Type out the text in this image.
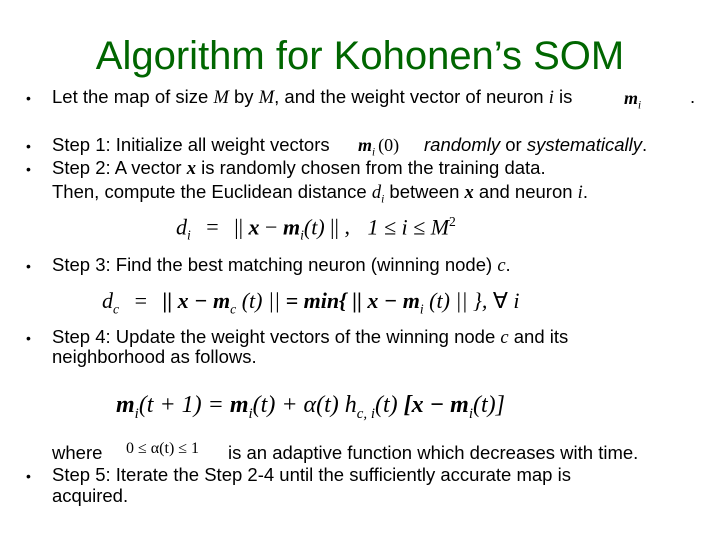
Algorithm for Kohonen’s SOM
• Let the map of size M by M, and the weight vector of neuron i is	$m_i$	.
• Step 1: Initialize all weight vectors $m_i$ (0) randomly or systematically.
• Step 2: A vector x is randomly chosen from the training data.
Then, compute the Euclidean distance $d_i$ between x and neuron i.
$d_i$ = || $x - m_i(t)$ || , $1 \le i \le M^2$
• Step 3: Find the best matching neuron (winning node) c.
$d_c$ = || $x - m_c$ (t) || = min{ || $x - m_i$ (t) || }, ∀ i
• Step 4: Update the weight vectors of the winning node c and its
neighborhood as follows.
$m_i(t + 1) = m_i(t) + \alpha(t)$ $h_{c, i}(t) [x - m_i(t)]$
where 0 ≤ α(t) ≤ 1 is an adaptive function which decreases with time.
• Step 5: Iterate the Step 2-4 until the sufficiently accurate map is
acquired.
